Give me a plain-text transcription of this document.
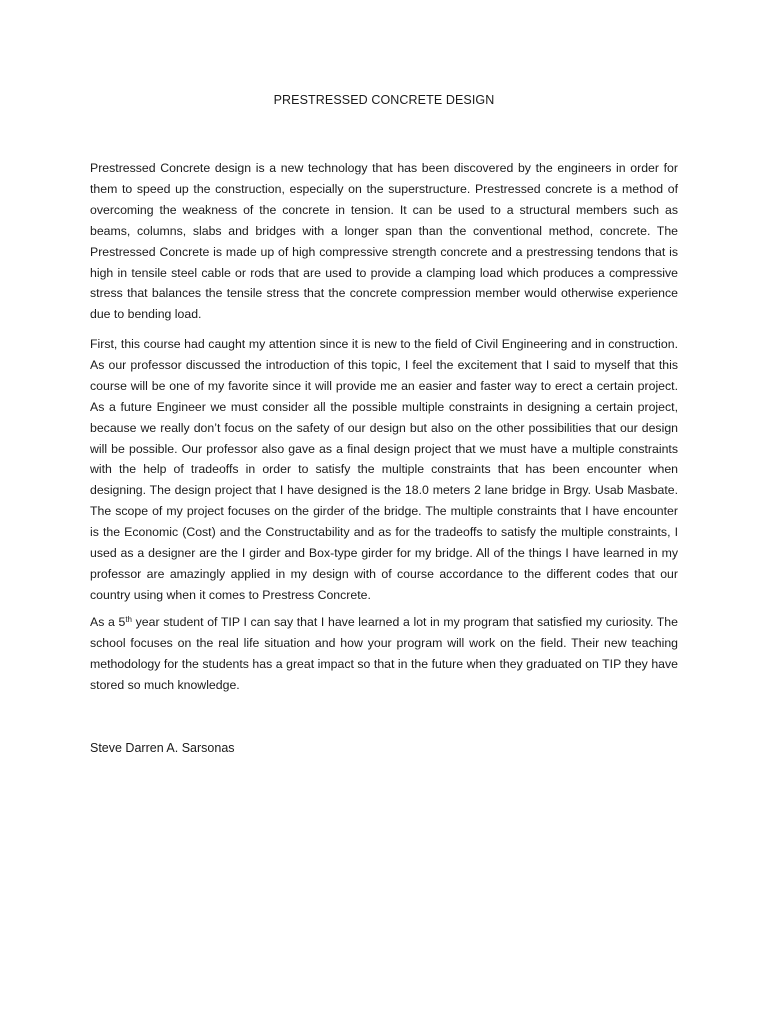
PRESTRESSED CONCRETE DESIGN

Prestressed Concrete design is a new technology that has been discovered by the engineers in order for them to speed up the construction, especially on the superstructure. Prestressed concrete is a method of overcoming the weakness of the concrete in tension. It can be used to a structural members such as beams, columns, slabs and bridges with a longer span than the conventional method, concrete. The Prestressed Concrete is made up of high compressive strength concrete and a prestressing tendons that is high in tensile steel cable or rods that are used to provide a clamping load which produces a compressive stress that balances the tensile stress that the concrete compression member would otherwise experience due to bending load.

First, this course had caught my attention since it is new to the field of Civil Engineering and in construction. As our professor discussed the introduction of this topic, I feel the excitement that I said to myself that this course will be one of my favorite since it will provide me an easier and faster way to erect a certain project. As a future Engineer we must consider all the possible multiple constraints in designing a certain project, because we really don’t focus on the safety of our design but also on the other possibilities that our design will be possible. Our professor also gave as a final design project that we must have a multiple constraints with the help of tradeoffs in order to satisfy the multiple constraints that has been encounter when designing. The design project that I have designed is the 18.0 meters 2 lane bridge in Brgy. Usab Masbate. The scope of my project focuses on the girder of the bridge. The multiple constraints that I have encounter is the Economic (Cost) and the Constructability and as for the tradeoffs to satisfy the multiple constraints, I used as a designer are the I girder and Box-type girder for my bridge. All of the things I have learned in my professor are amazingly applied in my design with of course accordance to the different codes that our country using when it comes to Prestress Concrete.

As a 5th year student of TIP I can say that I have learned a lot in my program that satisfied my curiosity. The school focuses on the real life situation and how your program will work on the field. Their new teaching methodology for the students has a great impact so that in the future when they graduated on TIP they have stored so much knowledge.

Steve Darren A. Sarsonas
